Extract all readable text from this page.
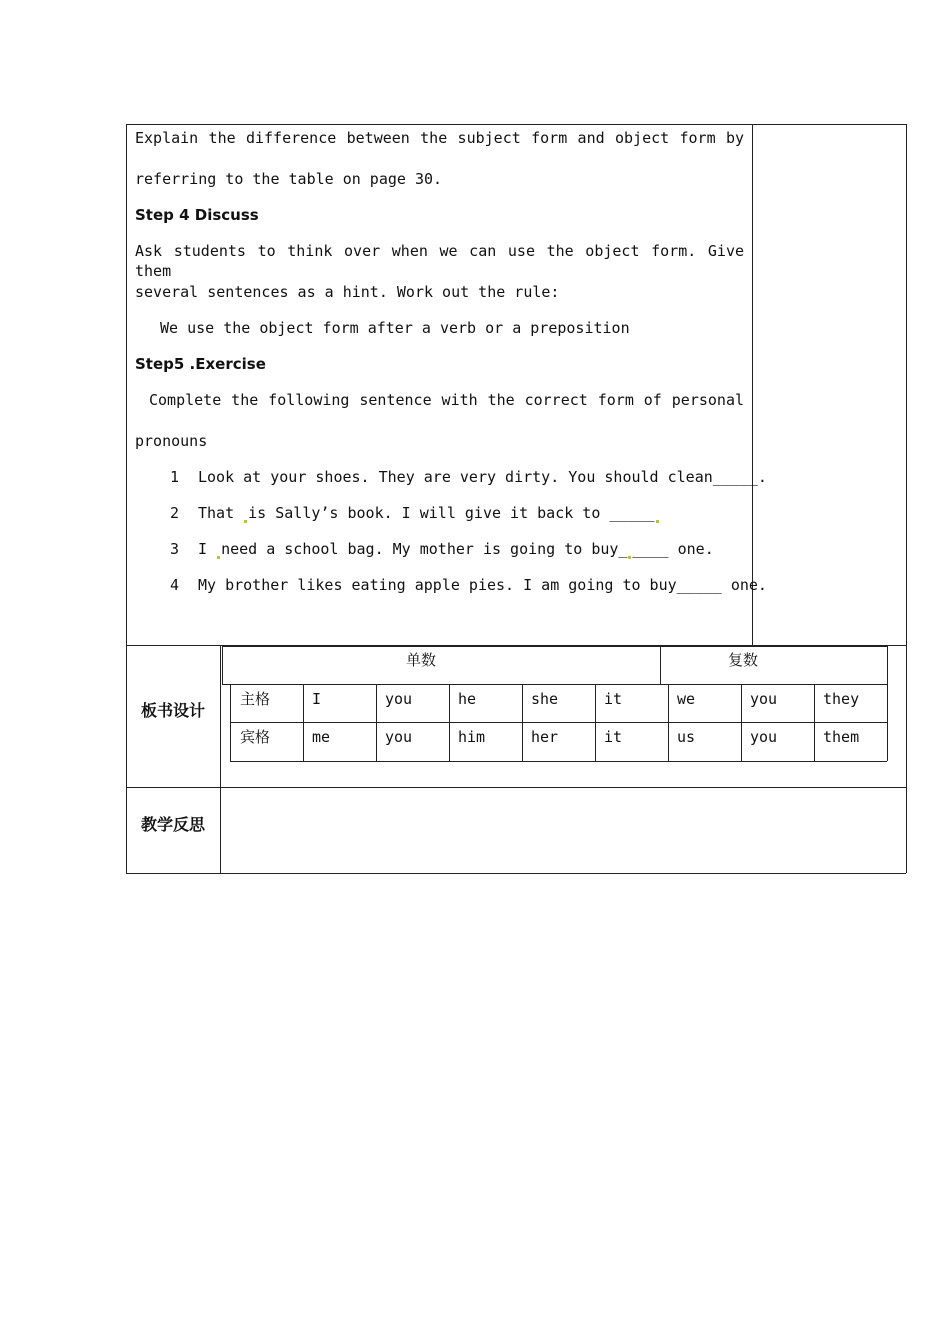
Explain the difference between the subject form and object form by
referring to the table on page 30.
Step 4 Discuss
Ask students to think over when we can use the object form. Give them
several sentences as a hint. Work out the rule:
We use the object form after a verb or a preposition
Step5 .Exercise
Complete the following sentence with the correct form of personal
pronouns
1 Look at your shoes. They are very dirty. You should clean_____.
2 That is Sally’s book. I will give it back to _____
3 I need a school bag. My mother is going to buy_ ____ one.
4 My brother likes eating apple pies. I am going to buy_____ one.
板书设计
单数	复数
主格	I	you	he	she	it	we	you	they
宾格	me	you	him	her	it	us	you	them
教学反思
